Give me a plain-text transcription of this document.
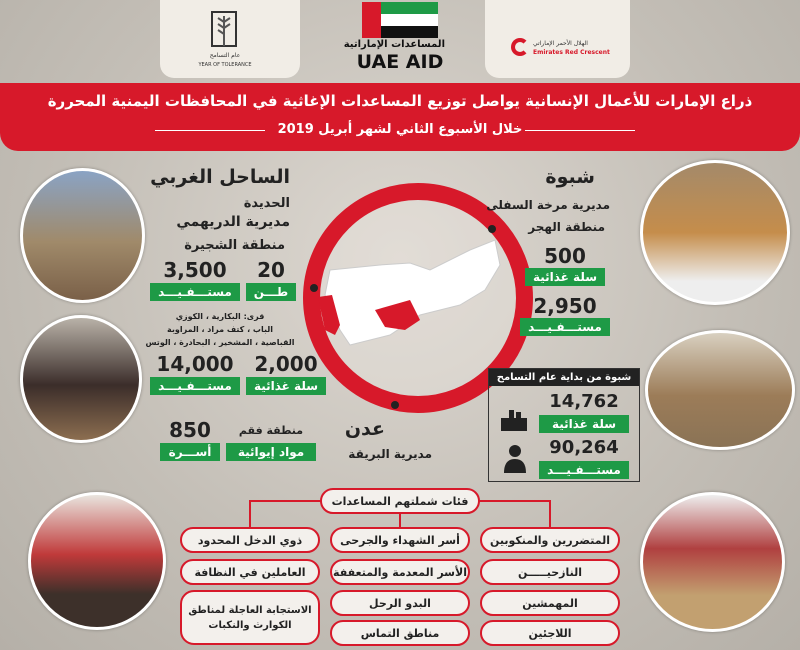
عام التسامح
YEAR OF TOLERANCE
المساعدات الإماراتية
UAE AID
الهلال الأحمر الإماراتي
Emirates Red Crescent
ذراع الإمارات للأعمال الإنسانية يواصل توزيع المساعدات الإغاثية في المحافظات اليمنية المحررة
خلال الأسبوع الثاني لشهر أبريل 2019
الساحل الغربي
الحديدة
مديرية الدريهمي
منطقة الشجيرة
3,500
مستـــفـيـــد
20
طـــن
قرى: البكارية ، الكوزي
الباب ، كتف مراد ، المراوبة
القباصية ، المشخير ، البحادرة ، الوتس
14,000
مستـــفـيـــد
2,000
سلة غذائية
منطقة فقم
850
أســـرة	مواد إيوائية
عدن
مديرية البريقة
شبوة
مديرية مرخة السفلى
منطقة الهجر
500
سلة غذائية
2,950
مستـــفـيـــد
شبوة من بداية عام التسامح
14,762
سلة غذائية
90,264
مستـــفـيـــد
فئات شملتهم المساعدات
المتضررين والمنكوبين
النازحيـــــن
المهمشين
اللاجئين
أسر الشهداء والجرحى
الأسر المعدمة والمتعففة
البدو الرحل
مناطق التماس
ذوي الدخل المحدود
العاملين في النظافة
الاستجابة العاجلة لمناطق الكوارث والنكبات
